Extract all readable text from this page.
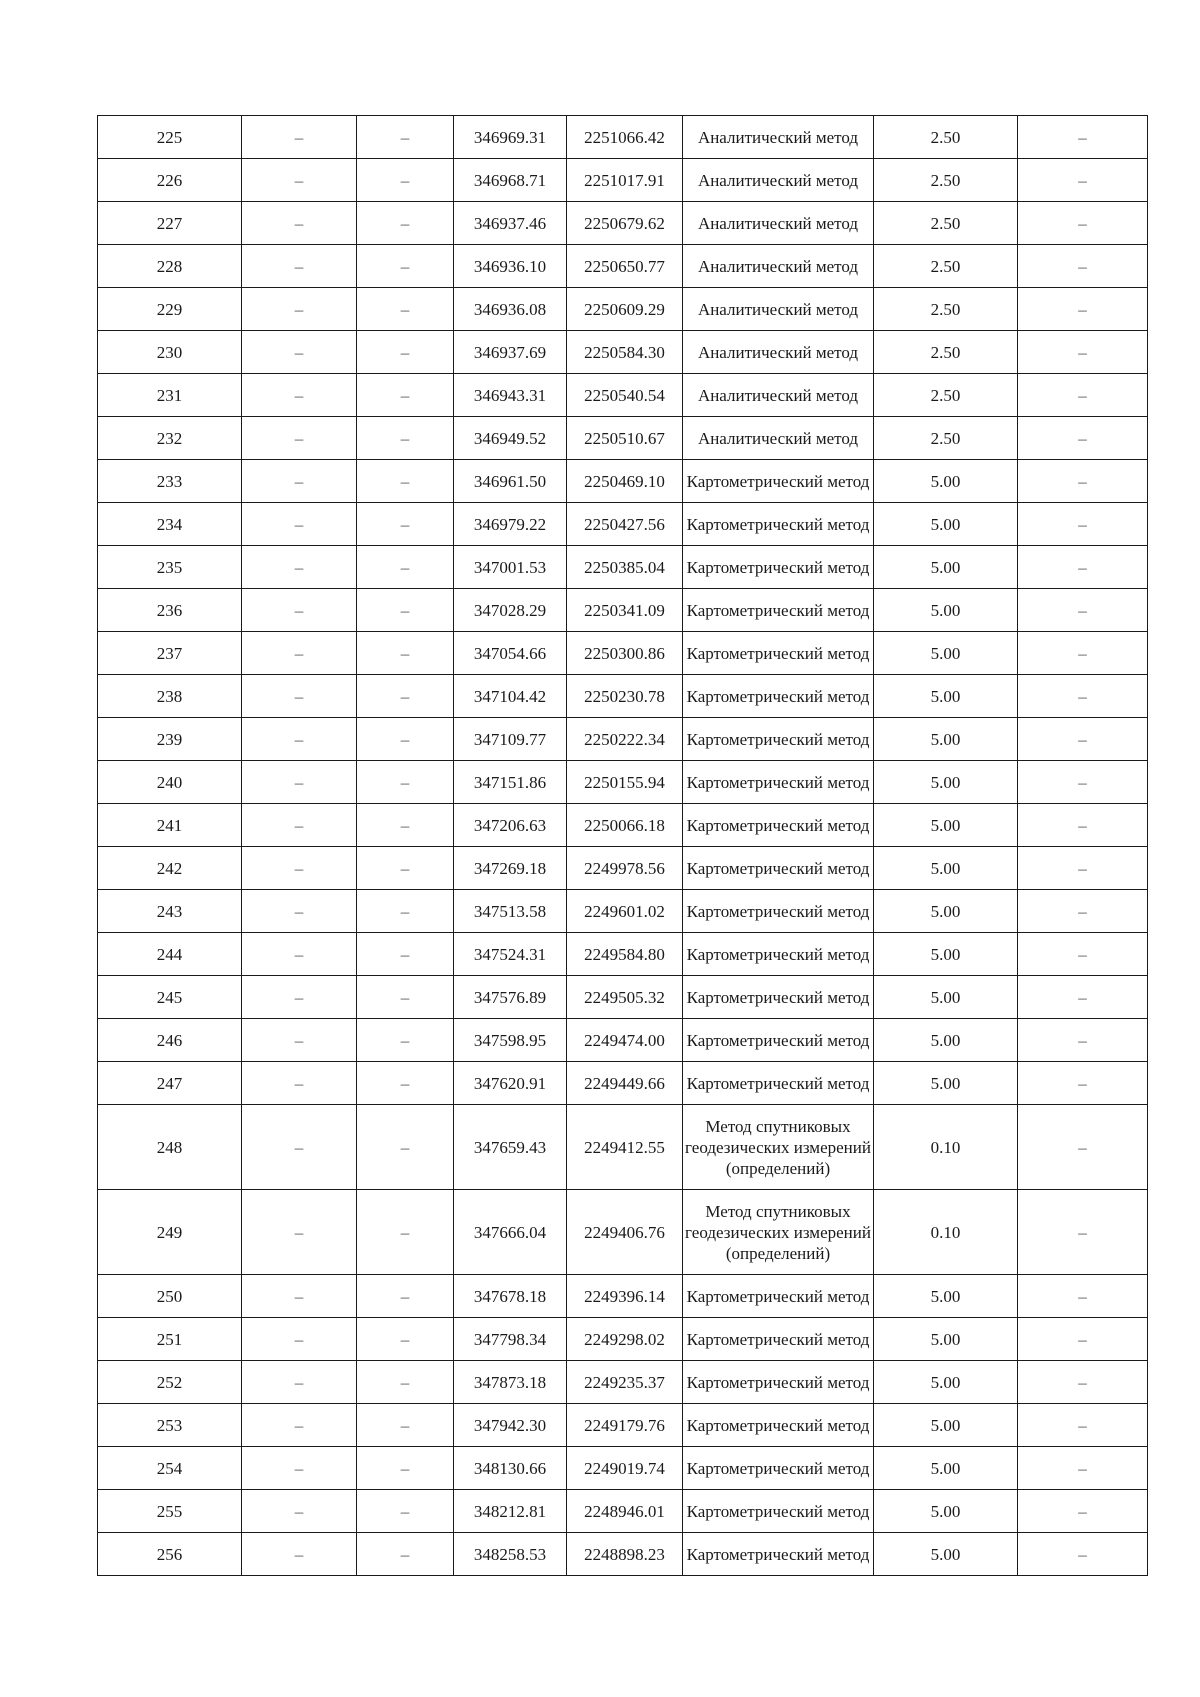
225	–	–	346969.31	2251066.42	Аналитический метод	2.50	–
226	–	–	346968.71	2251017.91	Аналитический метод	2.50	–
227	–	–	346937.46	2250679.62	Аналитический метод	2.50	–
228	–	–	346936.10	2250650.77	Аналитический метод	2.50	–
229	–	–	346936.08	2250609.29	Аналитический метод	2.50	–
230	–	–	346937.69	2250584.30	Аналитический метод	2.50	–
231	–	–	346943.31	2250540.54	Аналитический метод	2.50	–
232	–	–	346949.52	2250510.67	Аналитический метод	2.50	–
233	–	–	346961.50	2250469.10	Картометрический метод	5.00	–
234	–	–	346979.22	2250427.56	Картометрический метод	5.00	–
235	–	–	347001.53	2250385.04	Картометрический метод	5.00	–
236	–	–	347028.29	2250341.09	Картометрический метод	5.00	–
237	–	–	347054.66	2250300.86	Картометрический метод	5.00	–
238	–	–	347104.42	2250230.78	Картометрический метод	5.00	–
239	–	–	347109.77	2250222.34	Картометрический метод	5.00	–
240	–	–	347151.86	2250155.94	Картометрический метод	5.00	–
241	–	–	347206.63	2250066.18	Картометрический метод	5.00	–
242	–	–	347269.18	2249978.56	Картометрический метод	5.00	–
243	–	–	347513.58	2249601.02	Картометрический метод	5.00	–
244	–	–	347524.31	2249584.80	Картометрический метод	5.00	–
245	–	–	347576.89	2249505.32	Картометрический метод	5.00	–
246	–	–	347598.95	2249474.00	Картометрический метод	5.00	–
247	–	–	347620.91	2249449.66	Картометрический метод	5.00	–
248	–	–	347659.43	2249412.55	Метод спутниковых геодезических измерений (определений)	0.10	–
249	–	–	347666.04	2249406.76	Метод спутниковых геодезических измерений (определений)	0.10	–
250	–	–	347678.18	2249396.14	Картометрический метод	5.00	–
251	–	–	347798.34	2249298.02	Картометрический метод	5.00	–
252	–	–	347873.18	2249235.37	Картометрический метод	5.00	–
253	–	–	347942.30	2249179.76	Картометрический метод	5.00	–
254	–	–	348130.66	2249019.74	Картометрический метод	5.00	–
255	–	–	348212.81	2248946.01	Картометрический метод	5.00	–
256	–	–	348258.53	2248898.23	Картометрический метод	5.00	–
